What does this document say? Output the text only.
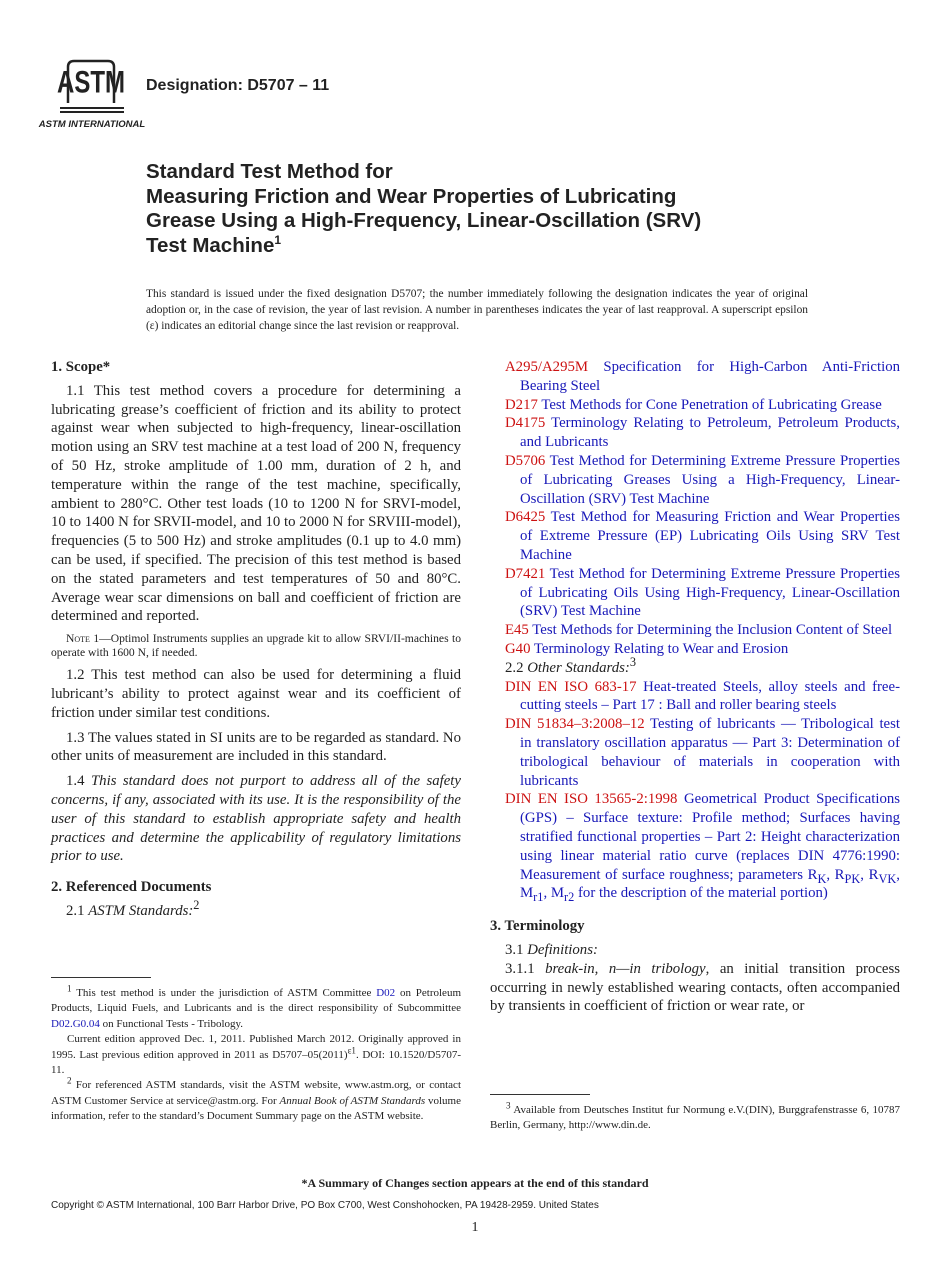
ASTM
ASTM INTERNATIONAL
Designation: D5707 – 11
Standard Test Method for
Measuring Friction and Wear Properties of Lubricating
Grease Using a High-Frequency, Linear-Oscillation (SRV)
Test Machine$^1$
This standard is issued under the fixed designation D5707; the number immediately following the designation indicates the year of original adoption or, in the case of revision, the year of last revision. A number in parentheses indicates the year of last reapproval. A superscript epsilon (ε) indicates an editorial change since the last revision or reapproval.
1. Scope*

1.1 This test method covers a procedure for determining a lubricating grease’s coefficient of friction and its ability to protect against wear when subjected to high-frequency, linear-oscillation motion using an SRV test machine at a test load of 200 N, frequency of 50 Hz, stroke amplitude of 1.00 mm, duration of 2 h, and temperature within the range of the test machine, specifically, ambient to 280°C. Other test loads (10 to 1200 N for SRVI-model, 10 to 1400 N for SRVII-model, and 10 to 2000 N for SRVIII-model), frequencies (5 to 500 Hz) and stroke amplitudes (0.1 up to 4.0 mm) can be used, if specified. The precision of this test method is based on the stated parameters and test temperatures of 50 and 80°C. Average wear scar dimensions on ball and coefficient of friction are determined and reported.

Note 1—Optimol Instruments supplies an upgrade kit to allow SRVI/II-machines to operate with 1600 N, if needed.

1.2 This test method can also be used for determining a fluid lubricant’s ability to protect against wear and its coefficient of friction under similar test conditions.

1.3 The values stated in SI units are to be regarded as standard. No other units of measurement are included in this standard.

1.4 This standard does not purport to address all of the safety concerns, if any, associated with its use. It is the responsibility of the user of this standard to establish appropriate safety and health practices and determine the applicability of regulatory limitations prior to use.

2. Referenced Documents

2.1 ASTM Standards:$^2$

A295/A295M Specification for High-Carbon Anti-Friction Bearing Steel

D217 Test Methods for Cone Penetration of Lubricating Grease

D4175 Terminology Relating to Petroleum, Petroleum Products, and Lubricants

D5706 Test Method for Determining Extreme Pressure Properties of Lubricating Greases Using a High-Frequency, Linear-Oscillation (SRV) Test Machine

D6425 Test Method for Measuring Friction and Wear Properties of Extreme Pressure (EP) Lubricating Oils Using SRV Test Machine

D7421 Test Method for Determining Extreme Pressure Properties of Lubricating Oils Using High-Frequency, Linear-Oscillation (SRV) Test Machine

E45 Test Methods for Determining the Inclusion Content of Steel

G40 Terminology Relating to Wear and Erosion

2.2 Other Standards:$^3$

DIN EN ISO 683-17 Heat-treated Steels, alloy steels and free-cutting steels – Part 17 : Ball and roller bearing steels

DIN 51834–3:2008–12 Testing of lubricants — Tribological test in translatory oscillation apparatus — Part 3: Determination of tribological behaviour of materials in cooperation with lubricants

DIN EN ISO 13565-2:1998 Geometrical Product Specifications (GPS) – Surface texture: Profile method; Surfaces having stratified functional properties – Part 2: Height characterization using linear material ratio curve (replaces DIN 4776:1990: Measurement of surface roughness; parameters $R_K$, $R_{PK}$, $R_{VK}$, $M_{r1}$, $M_{r2}$ for the description of the material portion)

3. Terminology

3.1 Definitions:

3.1.1 break-in, n—in tribology, an initial transition process occurring in newly established wearing contacts, often accompanied by transients in coefficient of friction or wear rate, or

$^1$ This test method is under the jurisdiction of ASTM Committee D02 on Petroleum Products, Liquid Fuels, and Lubricants and is the direct responsibility of Subcommittee D02.G0.04 on Functional Tests - Tribology.

Current edition approved Dec. 1, 2011. Published March 2012. Originally approved in 1995. Last previous edition approved in 2011 as $D5707-05(2011)^{\varepsilon 1}$. DOI: 10.1520/D5707-11.

$^2$ For referenced ASTM standards, visit the ASTM website, www.astm.org, or contact ASTM Customer Service at service@astm.org. For Annual Book of ASTM Standards volume information, refer to the standard’s Document Summary page on the ASTM website.

$^3$ Available from Deutsches Institut fur Normung e.V.(DIN), Burggrafenstrasse 6, 10787 Berlin, Germany, http://www.din.de.

*A Summary of Changes section appears at the end of this standard
Copyright © ASTM International, 100 Barr Harbor Drive, PO Box C700, West Conshohocken, PA 19428-2959. United States
1
